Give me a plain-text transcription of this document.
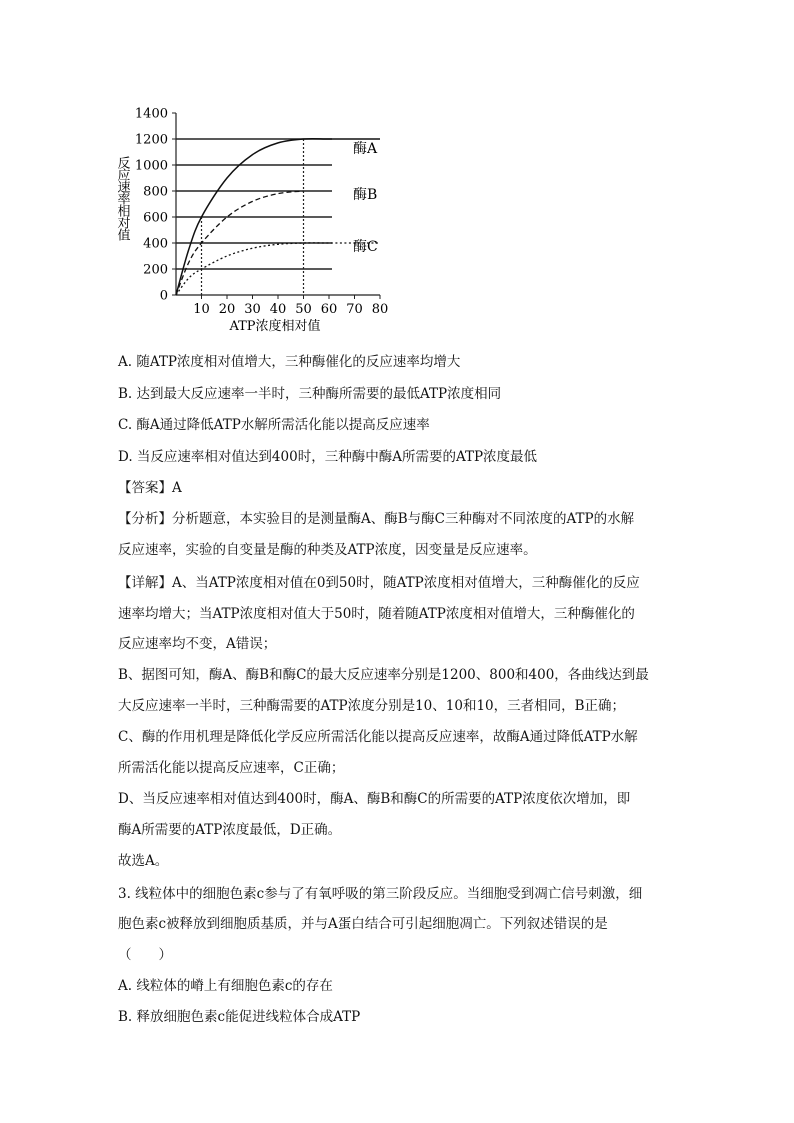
0
200
400
600
800
1000
1200
1400
10 20 30 40 50 60 70 80
酶A
酶B
酶C
ATP浓度相对值
反应速率相对值
A. 随ATP浓度相对值增大，三种酶催化的反应速率均增大
B. 达到最大反应速率一半时，三种酶所需要的最低ATP浓度相同
C. 酶A通过降低ATP水解所需活化能以提高反应速率
D. 当反应速率相对值达到400时，三种酶中酶A所需要的ATP浓度最低
【答案】A
【分析】分析题意，本实验目的是测量酶A、酶B与酶C三种酶对不同浓度的ATP的水解
反应速率，实验的自变量是酶的种类及ATP浓度，因变量是反应速率。
【详解】A、当ATP浓度相对值在0到50时，随ATP浓度相对值增大，三种酶催化的反应
速率均增大；当ATP浓度相对值大于50时，随着随ATP浓度相对值增大，三种酶催化的
反应速率均不变，A错误；
B、据图可知，酶A、酶B和酶C的最大反应速率分别是1200、800和400，各曲线达到最
大反应速率一半时，三种酶需要的ATP浓度分别是10、10和10，三者相同，B正确；
C、酶的作用机理是降低化学反应所需活化能以提高反应速率，故酶A通过降低ATP水解
所需活化能以提高反应速率，C正确；
D、当反应速率相对值达到400时，酶A、酶B和酶C的所需要的ATP浓度依次增加，即
酶A所需要的ATP浓度最低，D正确。
故选A。
3. 线粒体中的细胞色素c参与了有氧呼吸的第三阶段反应。当细胞受到凋亡信号刺激，细
胞色素c被释放到细胞质基质，并与A蛋白结合可引起细胞凋亡。下列叙述错误的是
（　　）
A. 线粒体的嵴上有细胞色素c的存在
B. 释放细胞色素c能促进线粒体合成ATP
